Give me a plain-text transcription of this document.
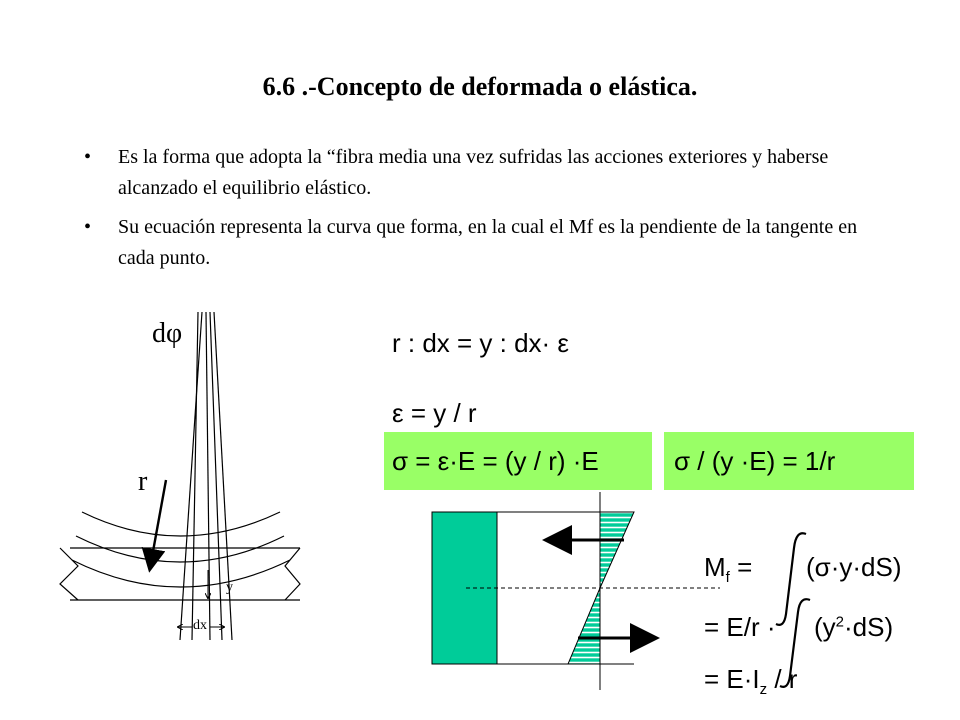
6.6 .-Concepto de deformada o elástica.
• Es la forma que adopta la “fibra media una vez sufridas las acciones exteriores y haberse alcanzado el equilibrio elástico.
• Su ecuación representa la curva que forma, en la cual el Mf es la pendiente de la tangente en cada punto.
dφ
r
y
dx
r : dx = y : dx· ε
ε = y / r
σ = ε·E = (y / r) ·E	σ / (y ·E) = 1/r
$M_f = (\sigma\cdot y\cdot dS)$
= $E/r \cdot (y^2\cdot dS)$
= $E\cdot I_z / r$
